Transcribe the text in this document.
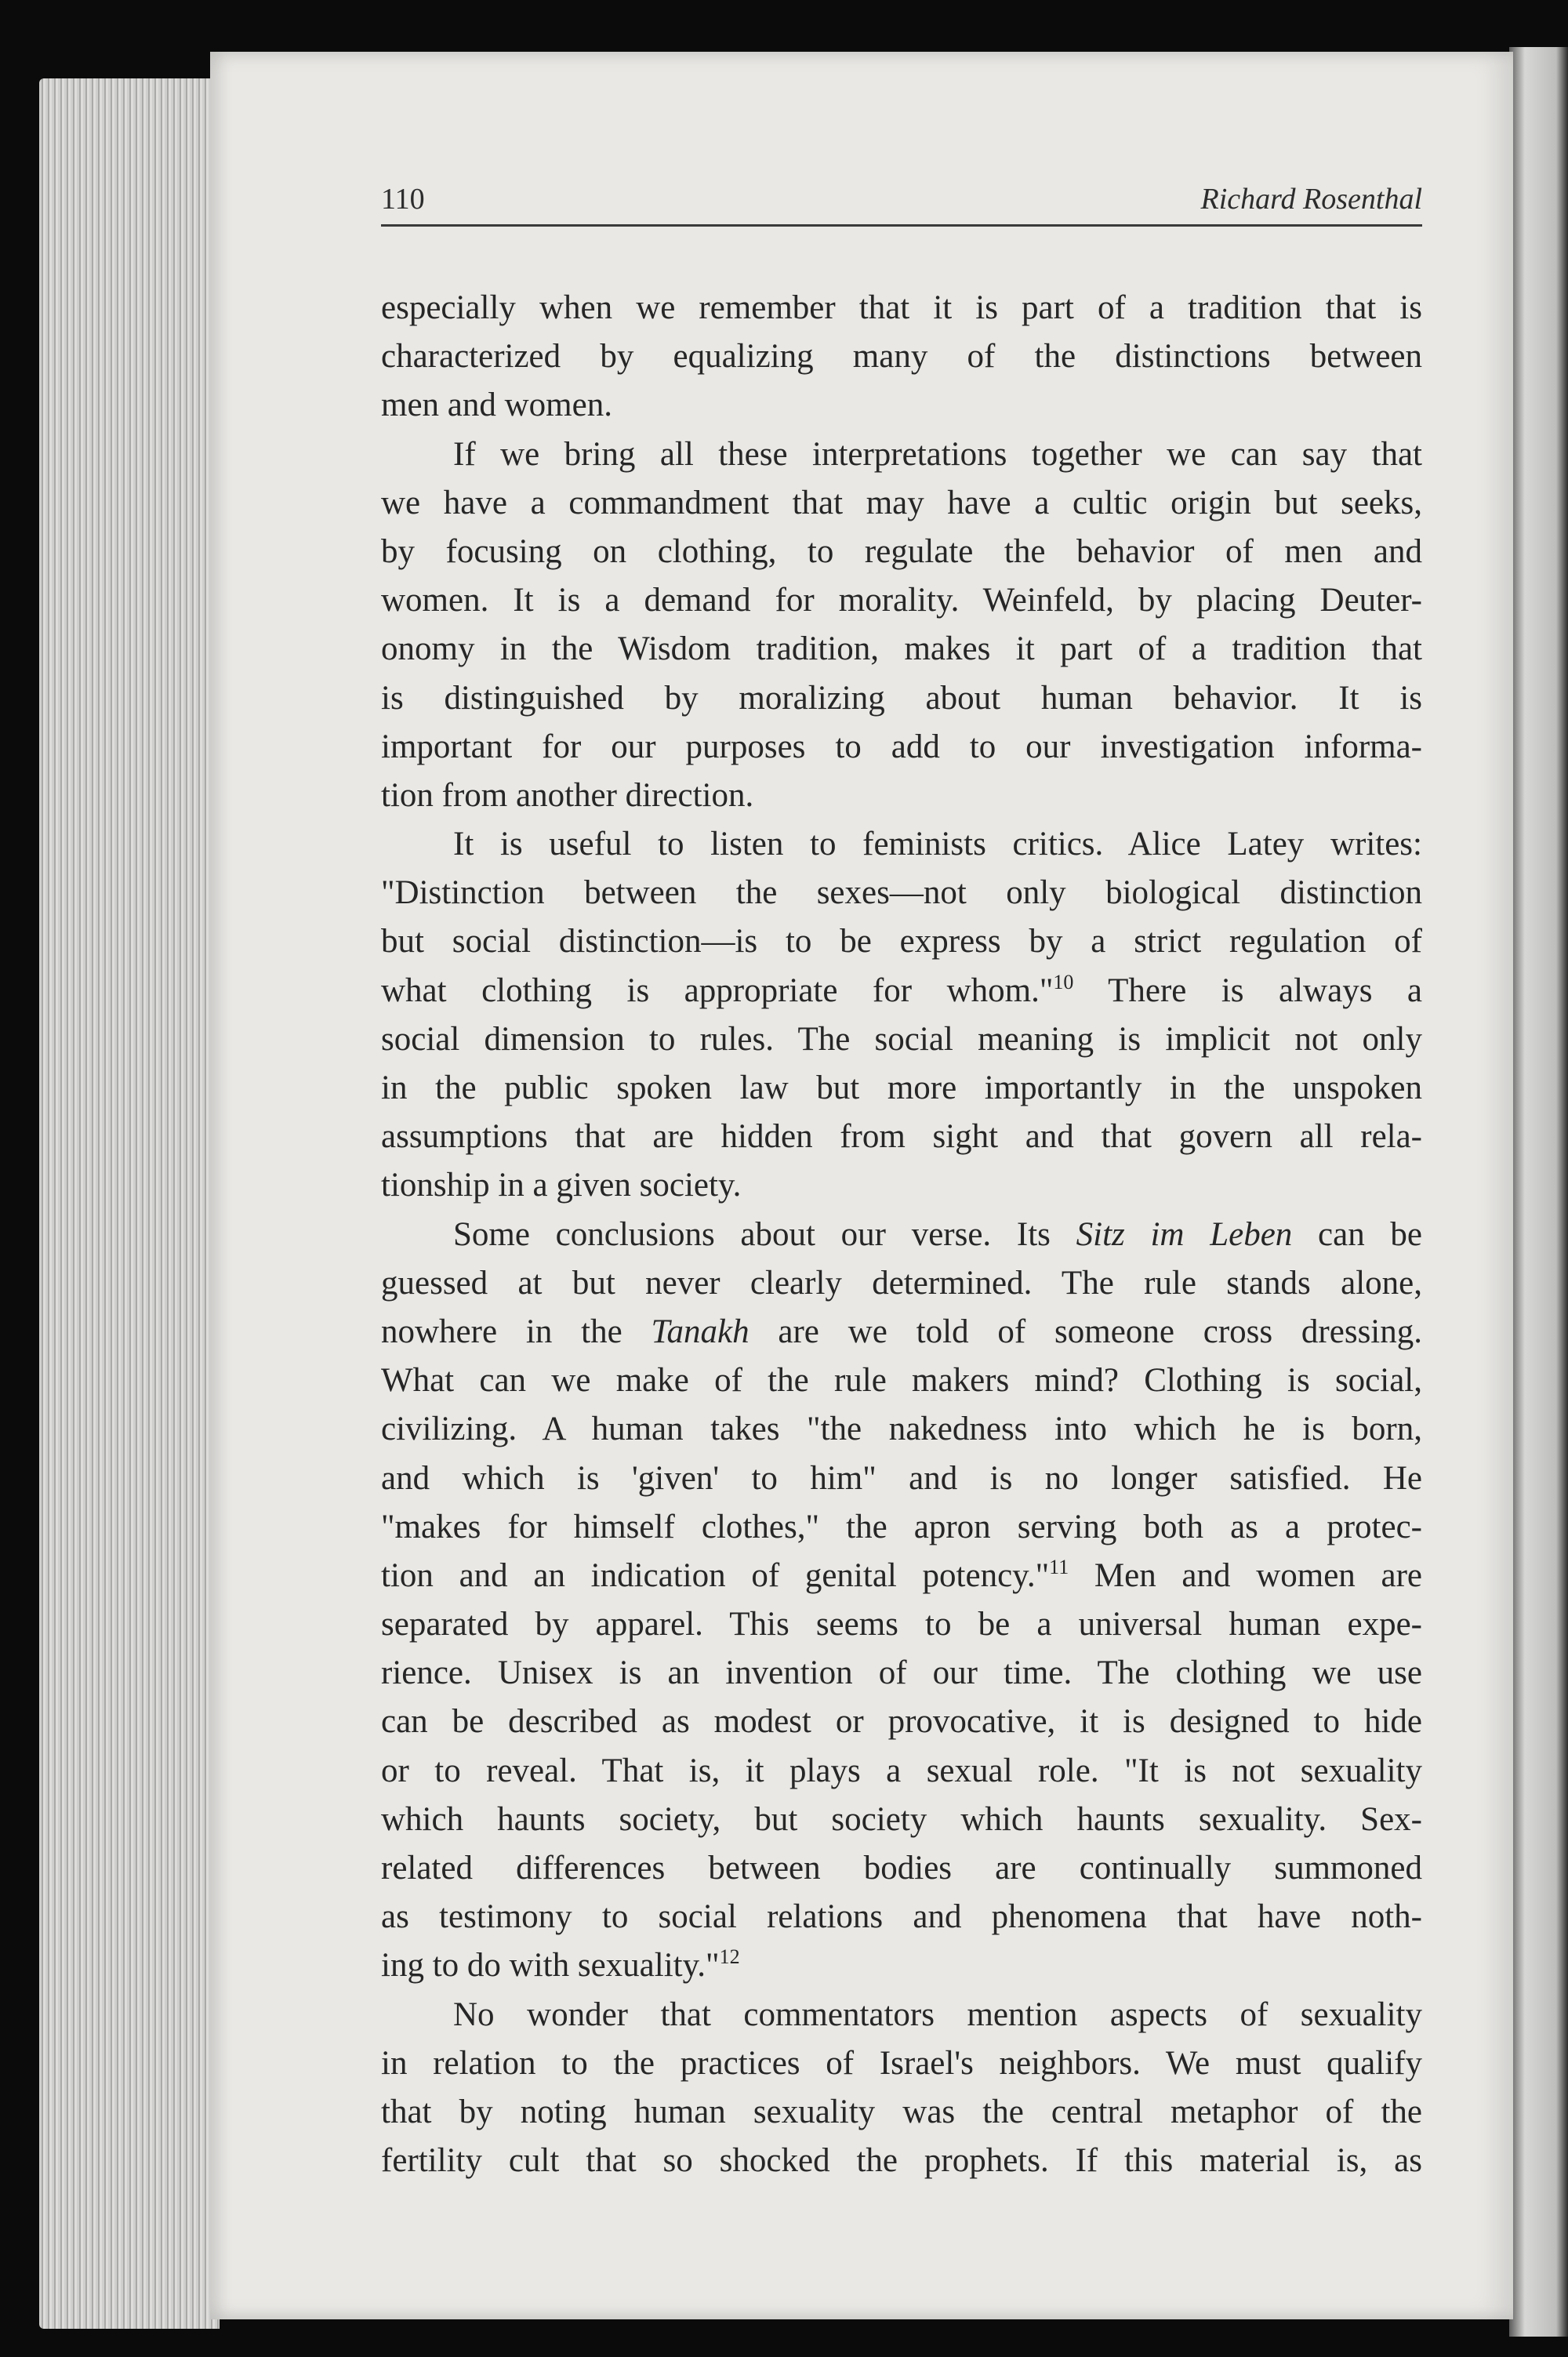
110	Richard Rosenthal
especially when we remember that it is part of a tradition that is
characterized by equalizing many of the distinctions between
men and women.
If we bring all these interpretations together we can say that
we have a commandment that may have a cultic origin but seeks,
by focusing on clothing, to regulate the behavior of men and
women. It is a demand for morality. Weinfeld, by placing Deuter-
onomy in the Wisdom tradition, makes it part of a tradition that
is distinguished by moralizing about human behavior. It is
important for our purposes to add to our investigation informa-
tion from another direction.
It is useful to listen to feminists critics. Alice Latey writes:
"Distinction between the sexes—not only biological distinction
but social distinction—is to be express by a strict regulation of
what clothing is appropriate for whom."$^{10}$ There is always a
social dimension to rules. The social meaning is implicit not only
in the public spoken law but more importantly in the unspoken
assumptions that are hidden from sight and that govern all rela-
tionship in a given society.
Some conclusions about our verse. Its Sitz im Leben can be
guessed at but never clearly determined. The rule stands alone,
nowhere in the Tanakh are we told of someone cross dressing.
What can we make of the rule makers mind? Clothing is social,
civilizing. A human takes "the nakedness into which he is born,
and which is 'given' to him" and is no longer satisfied. He
"makes for himself clothes," the apron serving both as a protec-
tion and an indication of genital potency."$^{11}$ Men and women are
separated by apparel. This seems to be a universal human expe-
rience. Unisex is an invention of our time. The clothing we use
can be described as modest or provocative, it is designed to hide
or to reveal. That is, it plays a sexual role. "It is not sexuality
which haunts society, but society which haunts sexuality. Sex-
related differences between bodies are continually summoned
as testimony to social relations and phenomena that have noth-
ing to do with sexuality."$^{12}$
No wonder that commentators mention aspects of sexuality
in relation to the practices of Israel's neighbors. We must qualify
that by noting human sexuality was the central metaphor of the
fertility cult that so shocked the prophets. If this material is, as
